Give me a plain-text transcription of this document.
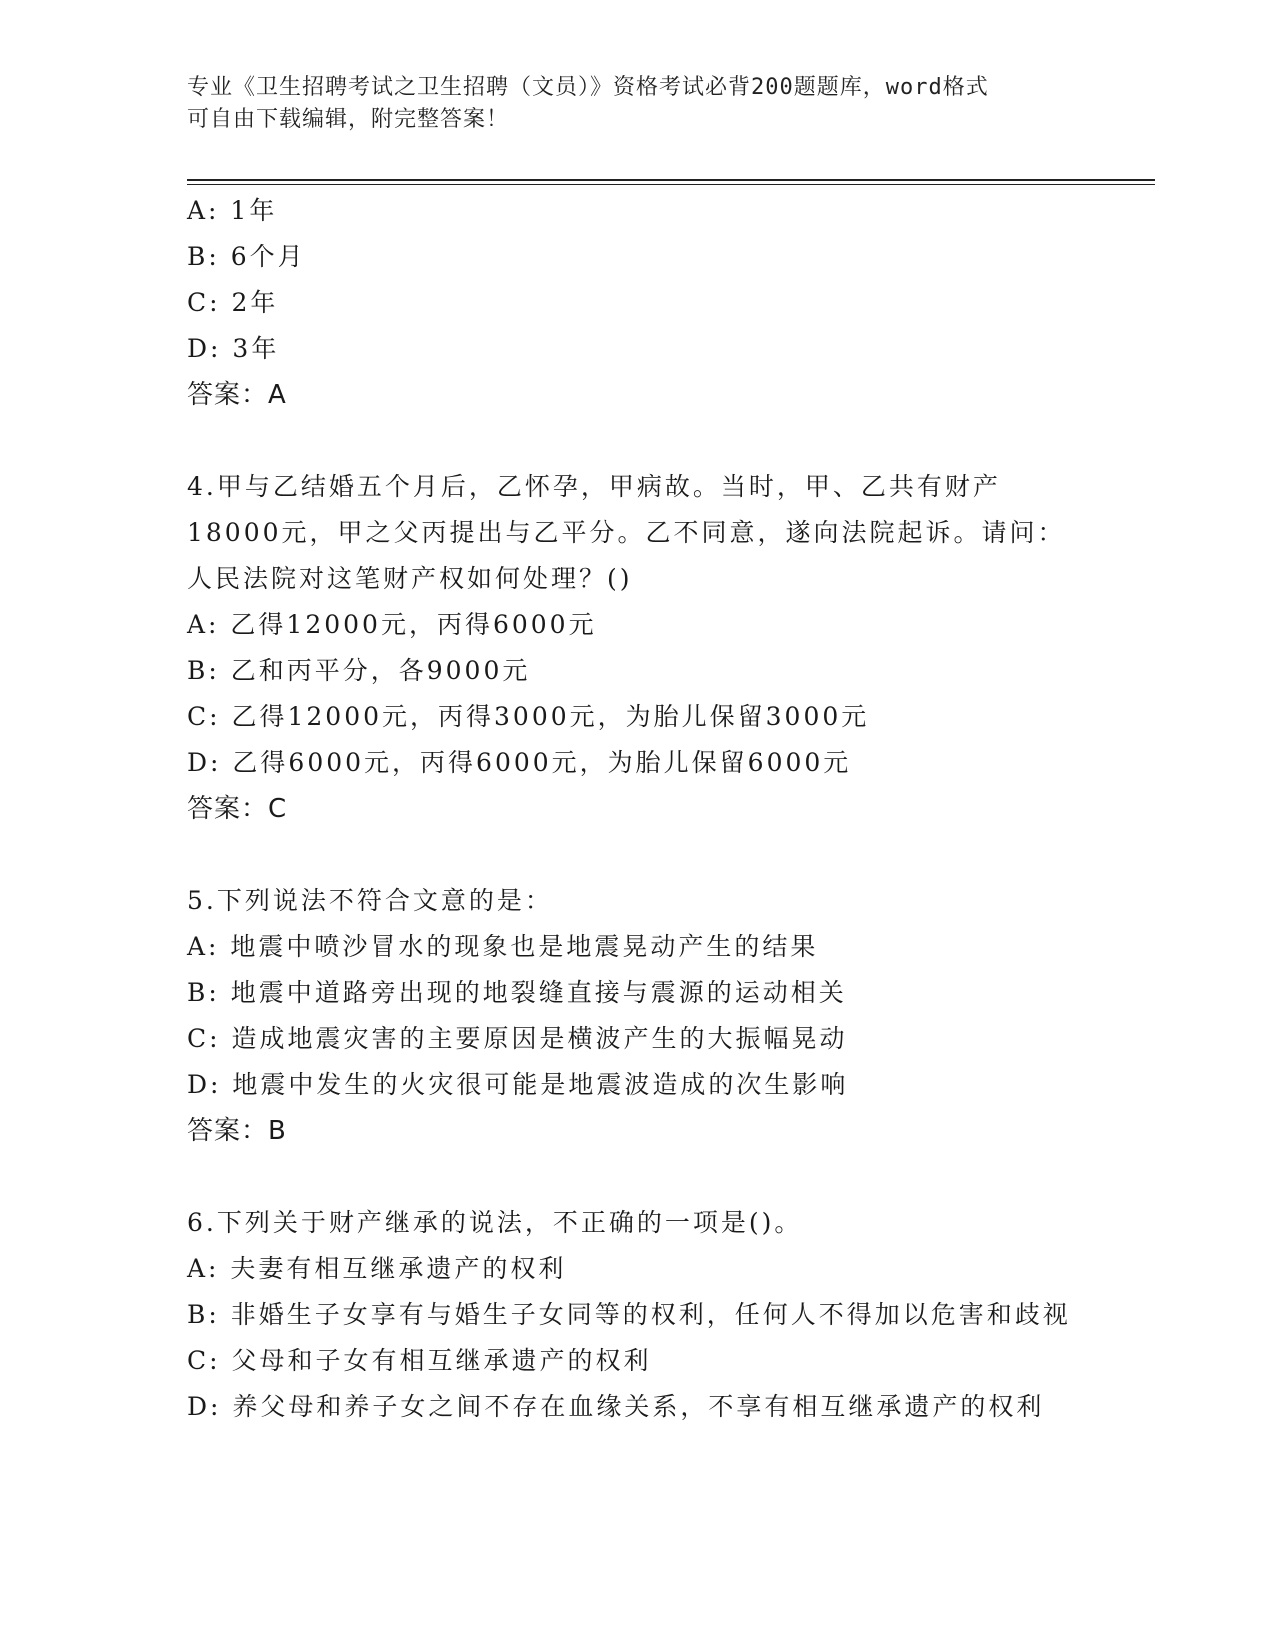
专业《卫生招聘考试之卫生招聘（文员）》资格考试必背200题题库，word格式
可自由下载编辑，附完整答案！
A: 1年
B: 6个月
C: 2年
D: 3年
答案：A
4.甲与乙结婚五个月后，乙怀孕，甲病故。当时，甲、乙共有财产
18000元，甲之父丙提出与乙平分。乙不同意，遂向法院起诉。请问：
人民法院对这笔财产权如何处理？()
A: 乙得12000元，丙得6000元
B: 乙和丙平分，各9000元
C: 乙得12000元，丙得3000元，为胎儿保留3000元
D: 乙得6000元，丙得6000元，为胎儿保留6000元
答案：C
5.下列说法不符合文意的是：
A: 地震中喷沙冒水的现象也是地震晃动产生的结果
B: 地震中道路旁出现的地裂缝直接与震源的运动相关
C: 造成地震灾害的主要原因是横波产生的大振幅晃动
D: 地震中发生的火灾很可能是地震波造成的次生影响
答案：B
6.下列关于财产继承的说法，不正确的一项是()。
A: 夫妻有相互继承遗产的权利
B: 非婚生子女享有与婚生子女同等的权利，任何人不得加以危害和歧视
C: 父母和子女有相互继承遗产的权利
D: 养父母和养子女之间不存在血缘关系，不享有相互继承遗产的权利
